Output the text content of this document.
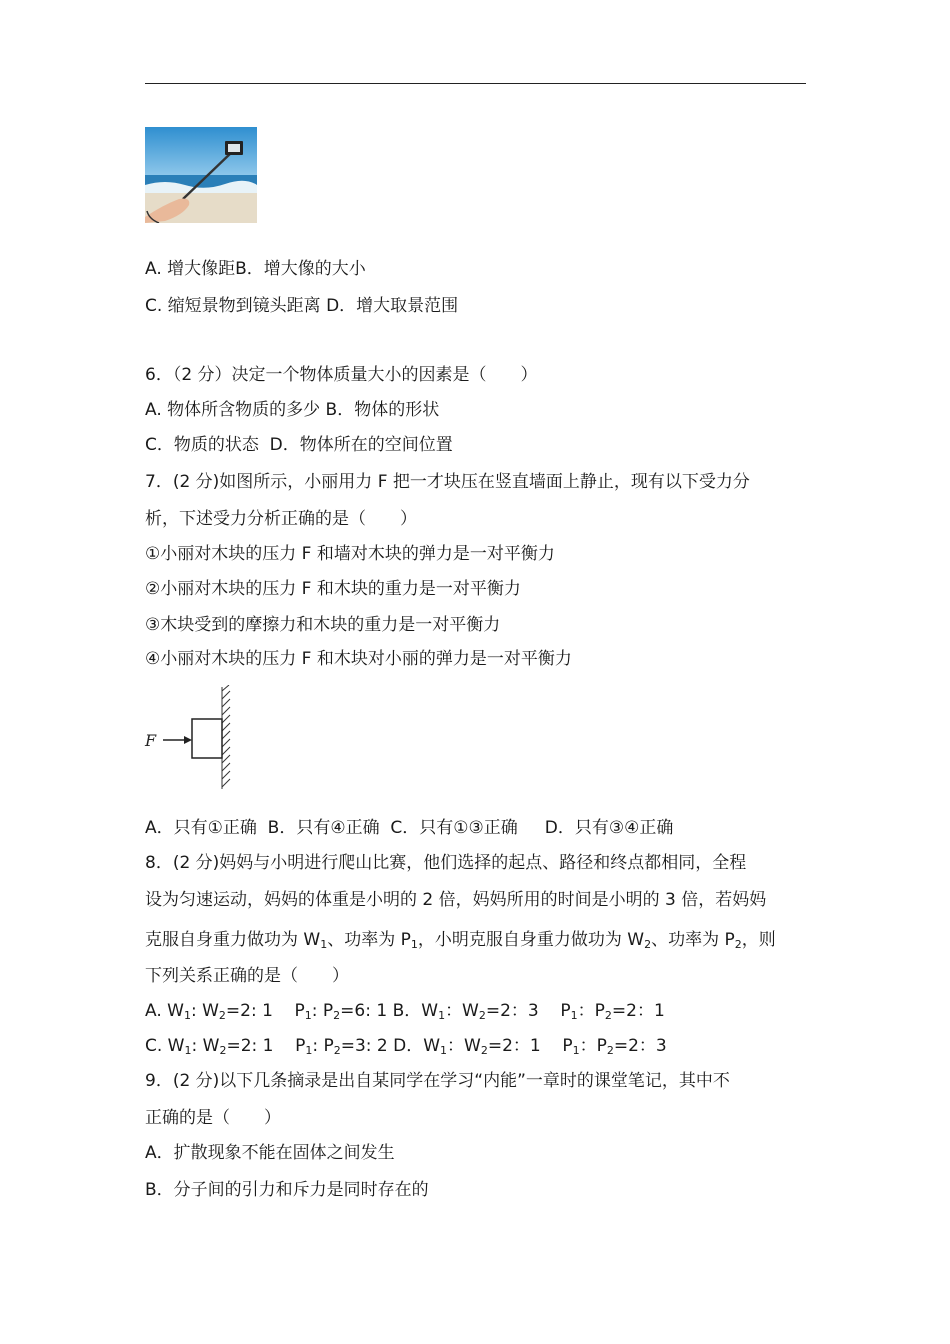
A. 增大像距B．增大像的大小
C. 缩短景物到镜头距离 D．增大取景范围
6．（2 分）决定一个物体质量大小的因素是（　　）
A. 物体所含物质的多少 B．物体的形状
C．物质的状态  D．物体所在的空间位置
7．(2 分)如图所示，小丽用力 F 把一才块压在竖直墙面上静止，现有以下受力分
析，下述受力分析正确的是（　　）
①小丽对木块的压力 F 和墙对木块的弹力是一对平衡力
②小丽对木块的压力 F 和木块的重力是一对平衡力
③木块受到的摩擦力和木块的重力是一对平衡力
④小丽对木块的压力 F 和木块对小丽的弹力是一对平衡力
F
A．只有①正确  B．只有④正确  C．只有①③正确     D．只有③④正确
8．(2 分)妈妈与小明进行爬山比赛，他们选择的起点、路径和终点都相同，全程
设为匀速运动，妈妈的体重是小明的 2 倍，妈妈所用的时间是小明的 3 倍，若妈妈
克服自身重力做功为 $W_1$、功率为 $P_1$，小明克服自身重力做功为 $W_2$、功率为 $P_2$，则
下列关系正确的是（　　）
A. $W_1$: $W_2=2$: 1    $P_1$: $P_2=6$: 1 B．$W_1$：$W_2=2$：3    $P_1$：$P_2=2$：1
C. $W_1$: $W_2=2$: 1    $P_1$: $P_2=3$: 2 D．$W_1$：$W_2=2$：1    $P_1$：$P_2=2$：3
9．(2 分)以下几条摘录是出自某同学在学习“内能”一章时的课堂笔记，其中不
正确的是（　　）
A．扩散现象不能在固体之间发生
B．分子间的引力和斥力是同时存在的
